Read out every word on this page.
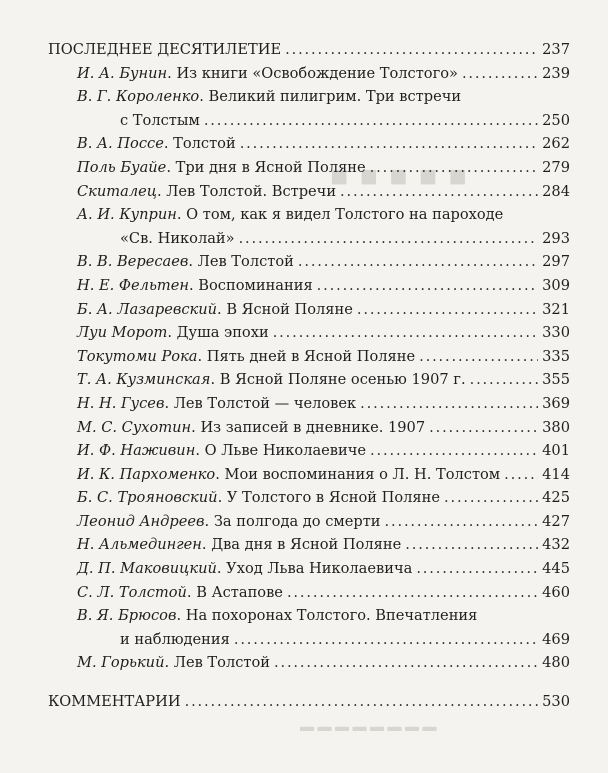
■ ■ ■ ■ ■
▬ ▬ ▬ ▬ ▬ ▬ ▬ ▬
ПОСЛЕДНЕЕ ДЕСЯТИЛЕТИЕ . . .	237
И. А. Бунин . Из книги «Освобождение Толстого» . . .	239
В. Г. Короленко . Великий пилигрим. Три встречи
с Толстым . . .	250
В. А. Поссе . Толстой . . .	262
Поль Буайе . Три дня в Ясной Поляне . . .	279
Скиталец . Лев Толстой. Встречи . . .	284
А. И. Куприн . О том, как я видел Толстого на пароходе
«Св. Николай» . . .	293
В. В. Вересаев . Лев Толстой . . .	297
Н. Е. Фельтен . Воспоминания . . .	309
Б. А. Лазаревский . В Ясной Поляне . . .	321
Луи Морот . Душа эпохи . . .	330
Токутоми Рока . Пять дней в Ясной Поляне . . .	335
Т. А. Кузминская . В Ясной Поляне осенью 1907 г. . . .	355
Н. Н. Гусев . Лев Толстой — человек . . .	369
М. С. Сухотин . Из записей в дневнике. 1907 . . .	380
И. Ф. Наживин . О Льве Николаевиче . . .	401
И. К. Пархоменко . Мои воспоминания о Л. Н. Толстом . . .	414
Б. С. Трояновский . У Толстого в Ясной Поляне . . .	425
Леонид Андреев . За полгода до смерти . . .	427
Н. Альмединген . Два дня в Ясной Поляне . . .	432
Д. П. Маковицкий . Уход Льва Николаевича . . .	445
С. Л. Толстой . В Астапове . . .	460
В. Я. Брюсов . На похоронах Толстого. Впечатления
и наблюдения . . .	469
М. Горький . Лев Толстой . . .	480
КОММЕНТАРИИ . . .	530
